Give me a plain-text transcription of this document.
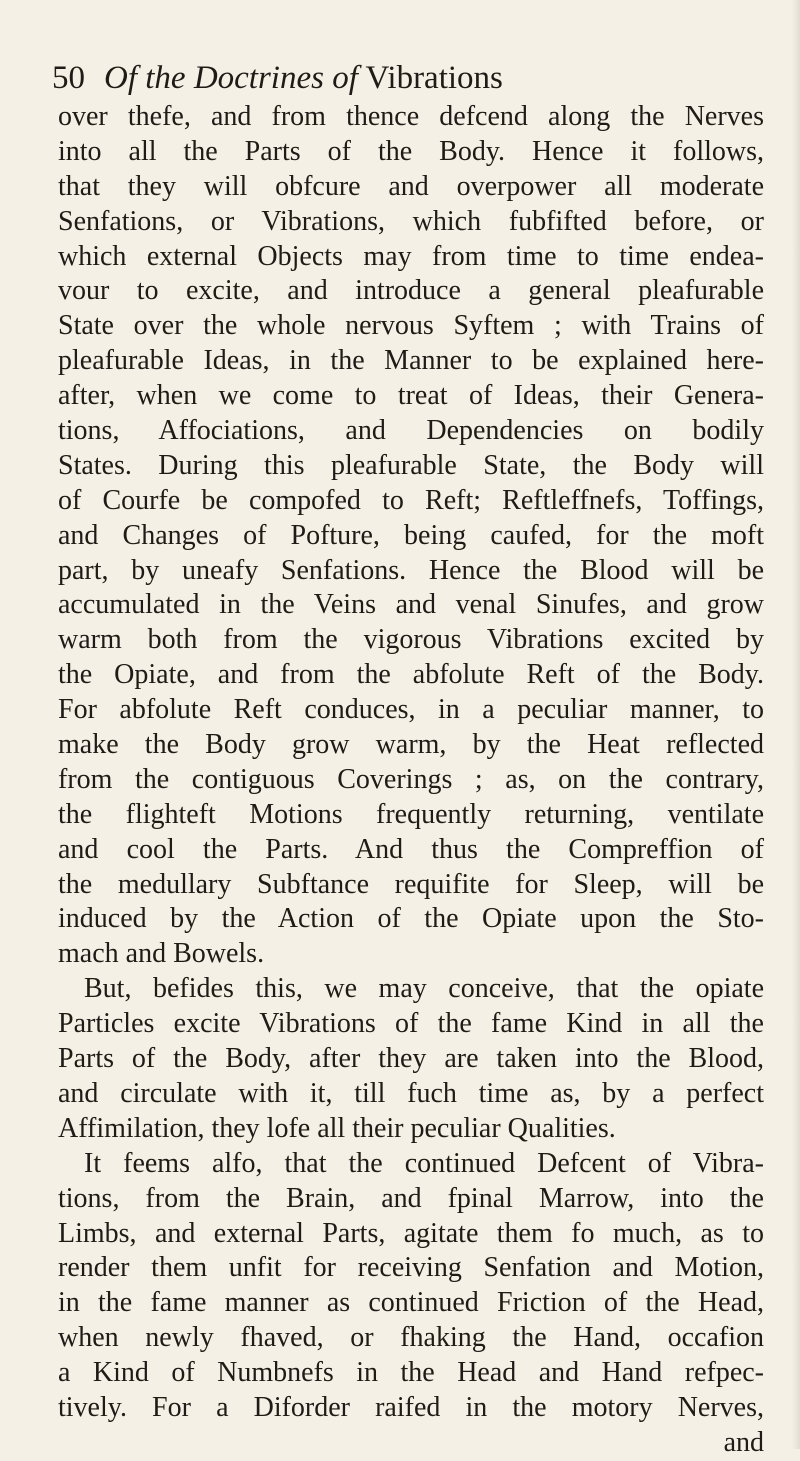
50 Of the Doctrines of Vibrations
over thefe, and from thence defcend along the Nerves
into all the Parts of the Body. Hence it follows,
that they will obfcure and overpower all moderate
Senfations, or Vibrations, which fubfifted before, or
which external Objects may from time to time endea-
vour to excite, and introduce a general pleafurable
State over the whole nervous Syftem ; with Trains of
pleafurable Ideas, in the Manner to be explained here-
after, when we come to treat of Ideas, their Genera-
tions, Affociations, and Dependencies on bodily
States. During this pleafurable State, the Body will
of Courfe be compofed to Reft; Reftleffnefs, Toffings,
and Changes of Pofture, being caufed, for the moft
part, by uneafy Senfations. Hence the Blood will be
accumulated in the Veins and venal Sinufes, and grow
warm both from the vigorous Vibrations excited by
the Opiate, and from the abfolute Reft of the Body.
For abfolute Reft conduces, in a peculiar manner, to
make the Body grow warm, by the Heat reflected
from the contiguous Coverings ; as, on the contrary,
the flighteft Motions frequently returning, ventilate
and cool the Parts. And thus the Compreffion of
the medullary Subftance requifite for Sleep, will be
induced by the Action of the Opiate upon the Sto-
mach and Bowels.
But, befides this, we may conceive, that the opiate
Particles excite Vibrations of the fame Kind in all the
Parts of the Body, after they are taken into the Blood,
and circulate with it, till fuch time as, by a perfect
Affimilation, they lofe all their peculiar Qualities.
It feems alfo, that the continued Defcent of Vibra-
tions, from the Brain, and fpinal Marrow, into the
Limbs, and external Parts, agitate them fo much, as to
render them unfit for receiving Senfation and Motion,
in the fame manner as continued Friction of the Head,
when newly fhaved, or fhaking the Hand, occafion
a Kind of Numbnefs in the Head and Hand refpec-
tively. For a Diforder raifed in the motory Nerves,
and
